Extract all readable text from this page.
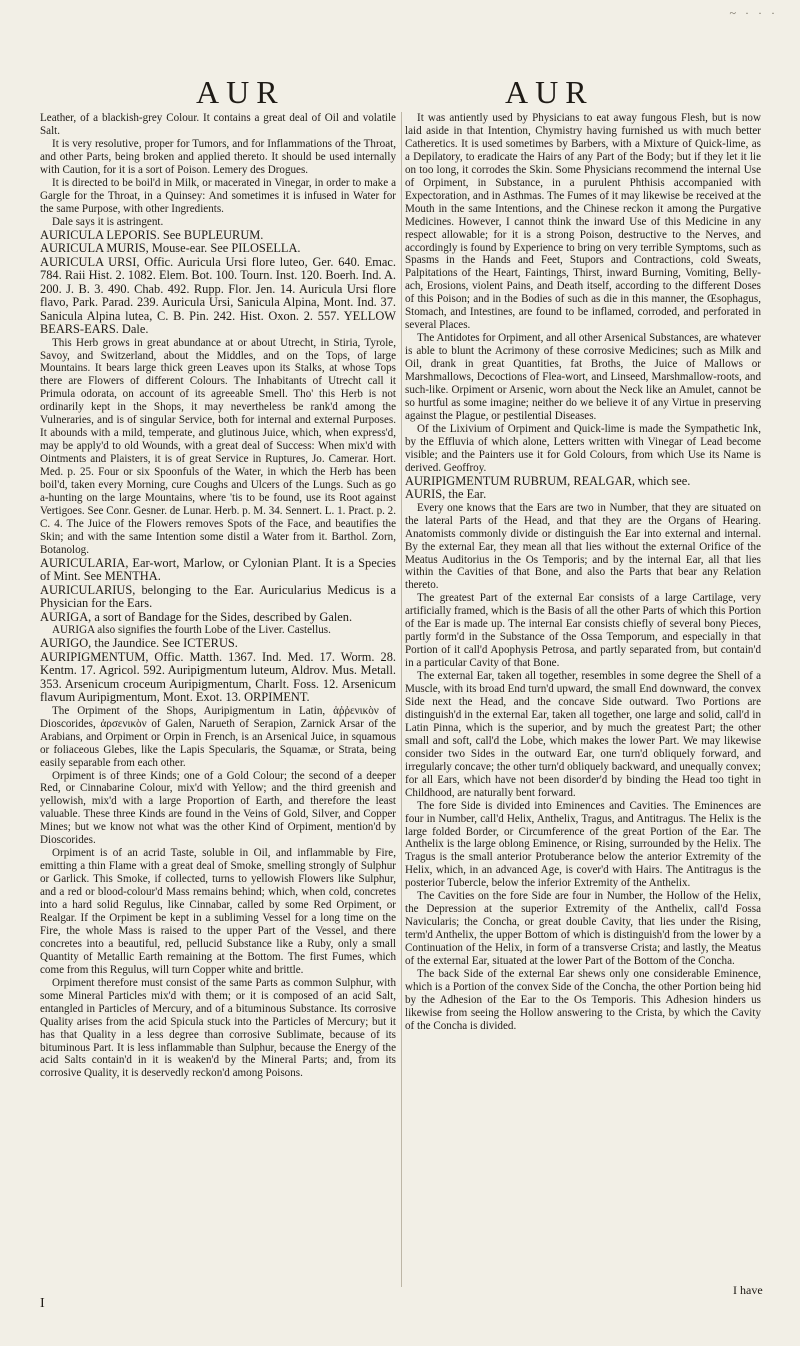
~ · · ·
AUR	AUR

Leather, of a blackish-grey Colour. It contains a great deal of Oil and volatile Salt.

It is very resolutive, proper for Tumors, and for Inflammations of the Throat, and other Parts, being broken and applied thereto. It should be used internally with Caution, for it is a sort of Poison. Lemery des Drogues.

It is directed to be boil'd in Milk, or macerated in Vinegar, in order to make a Gargle for the Throat, in a Quinsey: And sometimes it is infused in Water for the same Purpose, with other Ingredients.

Dale says it is astringent.

AURICULA LEPORIS. See BUPLEURUM.

AURICULA MURIS, Mouse-ear. See PILOSELLA.

AURICULA URSI, Offic. Auricula Ursi flore luteo, Ger. 640. Emac. 784. Raii Hist. 2. 1082. Elem. Bot. 100. Tourn. Inst. 120. Boerh. Ind. A. 200. J. B. 3. 490. Chab. 492. Rupp. Flor. Jen. 14. Auricula Ursi flore flavo, Park. Parad. 239. Auricula Ursi, Sanicula Alpina, Mont. Ind. 37. Sanicula Alpina lutea, C. B. Pin. 242. Hist. Oxon. 2. 557. YELLOW BEARS-EARS. Dale.

This Herb grows in great abundance at or about Utrecht, in Stiria, Tyrole, Savoy, and Switzerland, about the Middles, and on the Tops, of large Mountains. It bears large thick green Leaves upon its Stalks, at whose Tops there are Flowers of different Colours. The Inhabitants of Utrecht call it Primula odorata, on account of its agreeable Smell. Tho' this Herb is not ordinarily kept in the Shops, it may nevertheless be rank'd among the Vulneraries, and is of singular Service, both for internal and external Purposes. It abounds with a mild, temperate, and glutinous Juice, which, when express'd, may be apply'd to old Wounds, with a great deal of Success: When mix'd with Ointments and Plaisters, it is of great Service in Ruptures, Jo. Camerar. Hort. Med. p. 25. Four or six Spoonfuls of the Water, in which the Herb has been boil'd, taken every Morning, cure Coughs and Ulcers of the Lungs. Such as go a-hunting on the large Mountains, where 'tis to be found, use its Root against Vertigoes. See Conr. Gesner. de Lunar. Herb. p. M. 34. Sennert. L. 1. Pract. p. 2. C. 4. The Juice of the Flowers removes Spots of the Face, and beautifies the Skin; and with the same Intention some distil a Water from it. Barthol. Zorn, Botanolog.

AURICULARIA, Ear-wort, Marlow, or Cylonian Plant. It is a Species of Mint. See MENTHA.

AURICULARIUS, belonging to the Ear. Auricularius Medicus is a Physician for the Ears.

AURIGA, a sort of Bandage for the Sides, described by Galen.

AURIGA also signifies the fourth Lobe of the Liver. Castellus.

AURIGO, the Jaundice. See ICTERUS.

AURIPIGMENTUM, Offic. Matth. 1367. Ind. Med. 17. Worm. 28. Kentm. 17. Agricol. 592. Auripigmentum luteum, Aldrov. Mus. Metall. 353. Arsenicum croceum Auripigmentum, Charlt. Foss. 12. Arsenicum flavum Auripigmentum, Mont. Exot. 13. ORPIMENT.

The Orpiment of the Shops, Auripigmentum in Latin, ἀῤῥενικὸν of Dioscorides, ἀρσενικὸν of Galen, Narueth of Serapion, Zarnick Arsar of the Arabians, and Orpiment or Orpin in French, is an Arsenical Juice, in squamous or foliaceous Glebes, like the Lapis Specularis, the Squamæ, or Strata, being easily separable from each other.

Orpiment is of three Kinds; one of a Gold Colour; the second of a deeper Red, or Cinnabarine Colour, mix'd with Yellow; and the third greenish and yellowish, mix'd with a large Proportion of Earth, and therefore the least valuable. These three Kinds are found in the Veins of Gold, Silver, and Copper Mines; but we know not what was the other Kind of Orpiment, mention'd by Dioscorides.

Orpiment is of an acrid Taste, soluble in Oil, and inflammable by Fire, emitting a thin Flame with a great deal of Smoke, smelling strongly of Sulphur or Garlick. This Smoke, if collected, turns to yellowish Flowers like Sulphur, and a red or blood-colour'd Mass remains behind; which, when cold, concretes into a hard solid Regulus, like Cinnabar, called by some Red Orpiment, or Realgar. If the Orpiment be kept in a subliming Vessel for a long time on the Fire, the whole Mass is raised to the upper Part of the Vessel, and there concretes into a beautiful, red, pellucid Substance like a Ruby, only a small Quantity of Metallic Earth remaining at the Bottom. The first Fumes, which come from this Regulus, will turn Copper white and brittle.

Orpiment therefore must consist of the same Parts as common Sulphur, with some Mineral Particles mix'd with them; or it is composed of an acid Salt, entangled in Particles of Mercury, and of a bituminous Substance. Its corrosive Quality arises from the acid Spicula stuck into the Particles of Mercury; but it has that Quality in a less degree than corrosive Sublimate, because of its bituminous Part. It is less inflammable than Sulphur, because the Energy of the acid Salts contain'd in it is weaken'd by the Mineral Parts; and, from its corrosive Quality, it is deservedly reckon'd among Poisons.

It was antiently used by Physicians to eat away fungous Flesh, but is now laid aside in that Intention, Chymistry having furnished us with much better Catheretics. It is used sometimes by Barbers, with a Mixture of Quick-lime, as a Depilatory, to eradicate the Hairs of any Part of the Body; but if they let it lie on too long, it corrodes the Skin. Some Physicians recommend the internal Use of Orpiment, in Substance, in a purulent Phthisis accompanied with Expectoration, and in Asthmas. The Fumes of it may likewise be received at the Mouth in the same Intentions, and the Chinese reckon it among the Purgative Medicines. However, I cannot think the inward Use of this Medicine in any respect allowable; for it is a strong Poison, destructive to the Nerves, and accordingly is found by Experience to bring on very terrible Symptoms, such as Spasms in the Hands and Feet, Stupors and Contractions, cold Sweats, Palpitations of the Heart, Faintings, Thirst, inward Burning, Vomiting, Belly-ach, Erosions, violent Pains, and Death itself, according to the different Doses of this Poison; and in the Bodies of such as die in this manner, the Œsophagus, Stomach, and Intestines, are found to be inflamed, corroded, and perforated in several Places.

The Antidotes for Orpiment, and all other Arsenical Substances, are whatever is able to blunt the Acrimony of these corrosive Medicines; such as Milk and Oil, drank in great Quantities, fat Broths, the Juice of Mallows or Marshmallows, Decoctions of Flea-wort, and Linseed, Marshmallow-roots, and such-like. Orpiment or Arsenic, worn about the Neck like an Amulet, cannot be so hurtful as some imagine; neither do we believe it of any Virtue in preserving against the Plague, or pestilential Diseases.

Of the Lixivium of Orpiment and Quick-lime is made the Sympathetic Ink, by the Effluvia of which alone, Letters written with Vinegar of Lead become visible; and the Painters use it for Gold Colours, from which Use its Name is derived. Geoffroy.

AURIPIGMENTUM RUBRUM, REALGAR, which see.

AURIS, the Ear.

Every one knows that the Ears are two in Number, that they are situated on the lateral Parts of the Head, and that they are the Organs of Hearing. Anatomists commonly divide or distinguish the Ear into external and internal. By the external Ear, they mean all that lies without the external Orifice of the Meatus Auditorius in the Os Temporis; and by the internal Ear, all that lies within the Cavities of that Bone, and also the Parts that bear any Relation thereto.

The greatest Part of the external Ear consists of a large Cartilage, very artificially framed, which is the Basis of all the other Parts of which this Portion of the Ear is made up. The internal Ear consists chiefly of several bony Pieces, partly form'd in the Substance of the Ossa Temporum, and especially in that Portion of it call'd Apophysis Petrosa, and partly separated from, but contain'd in a particular Cavity of that Bone.

The external Ear, taken all together, resembles in some degree the Shell of a Muscle, with its broad End turn'd upward, the small End downward, the convex Side next the Head, and the concave Side outward. Two Portions are distinguish'd in the external Ear, taken all together, one large and solid, call'd in Latin Pinna, which is the superior, and by much the greatest Part; the other small and soft, call'd the Lobe, which makes the lower Part. We may likewise consider two Sides in the outward Ear, one turn'd obliquely forward, and irregularly concave; the other turn'd obliquely backward, and unequally convex; for all Ears, which have not been disorder'd by binding the Head too tight in Childhood, are naturally bent forward.

The fore Side is divided into Eminences and Cavities. The Eminences are four in Number, call'd Helix, Anthelix, Tragus, and Antitragus. The Helix is the large folded Border, or Circumference of the great Portion of the Ear. The Anthelix is the large oblong Eminence, or Rising, surrounded by the Helix. The Tragus is the small anterior Protuberance below the anterior Extremity of the Helix, which, in an advanced Age, is cover'd with Hairs. The Antitragus is the posterior Tubercle, below the inferior Extremity of the Anthelix.

The Cavities on the fore Side are four in Number, the Hollow of the Helix, the Depression at the superior Extremity of the Anthelix, call'd Fossa Navicularis; the Concha, or great double Cavity, that lies under the Rising, term'd Anthelix, the upper Bottom of which is distinguish'd from the lower by a Continuation of the Helix, in form of a transverse Crista; and lastly, the Meatus of the external Ear, situated at the lower Part of the Bottom of the Concha.

The back Side of the external Ear shews only one considerable Eminence, which is a Portion of the convex Side of the Concha, the other Portion being hid by the Adhesion of the Ear to the Os Temporis. This Adhesion hinders us likewise from seeing the Hollow answering to the Crista, by which the Cavity of the Concha is divided.

I
I have
